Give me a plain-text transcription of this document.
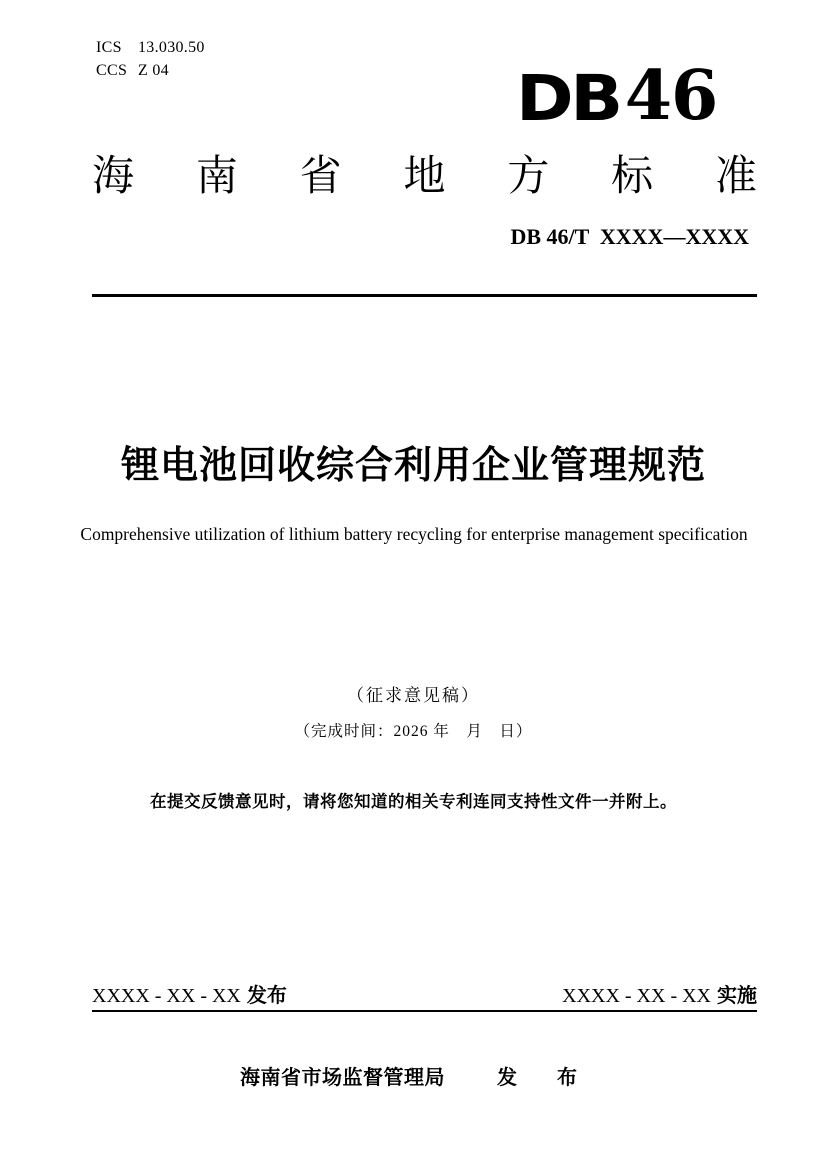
ICS	13.030.50
CCS Z 04	DB 46
海 南 省 地 方 标 准
DB 46/T  XXXX—XXXX
锂电池回收综合利用企业管理规范
Comprehensive utilization of lithium battery recycling for enterprise management specification
（征求意见稿）
（完成时间：2026 年　月　日）
在提交反馈意见时，请将您知道的相关专利连同支持性文件一并附上。
XXXX - XX - XX 发布	XXXX - XX - XX 实施
海南省市场监督管理局	发　布
